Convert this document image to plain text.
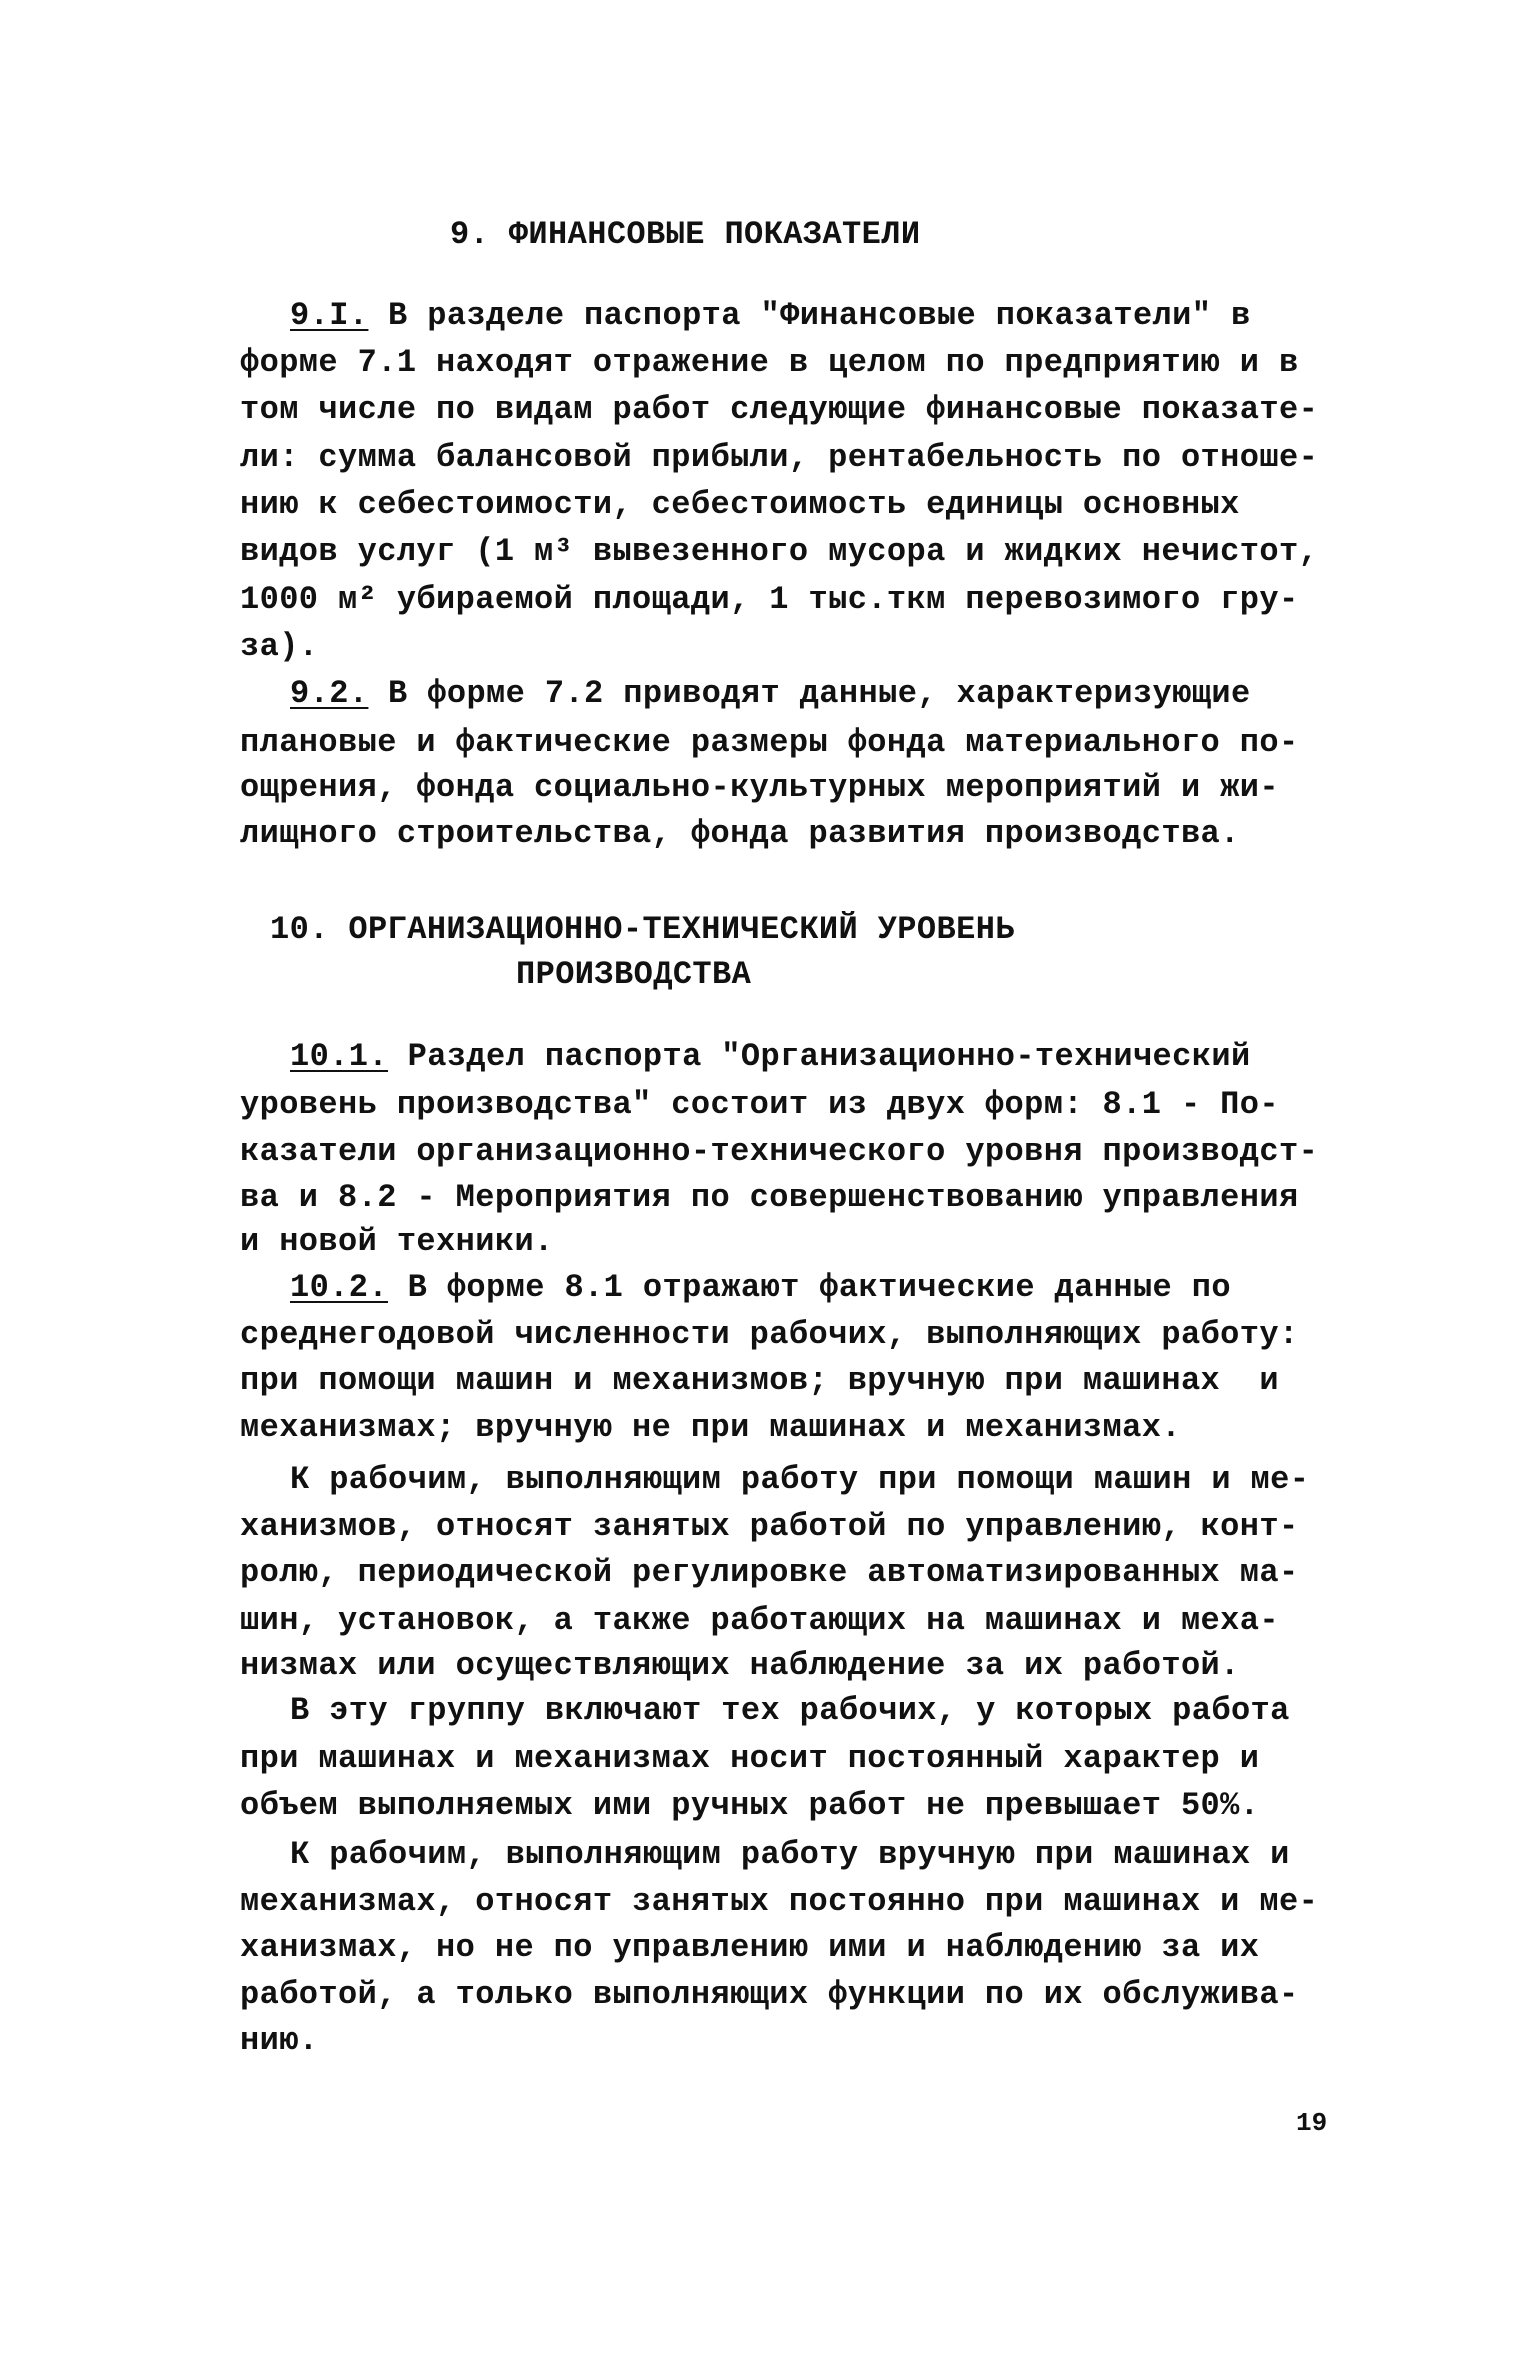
19
9. ФИНАНСОВЫЕ ПОКАЗАТЕЛИ
9.I. В разделе паспорта "Финансовые показатели" в
форме 7.1 находят отражение в целом по предприятию и в
том числе по видам работ следующие финансовые показате-
ли: сумма балансовой прибыли, рентабельность по отноше-
нию к себестоимости, себестоимость единицы основных
видов услуг (1 м³ вывезенного мусора и жидких нечистот,
1000 м² убираемой площади, 1 тыс.ткм перевозимого гру-
за).
9.2. В форме 7.2 приводят данные, характеризующие
плановые и фактические размеры фонда материального по-
ощрения, фонда социально-культурных мероприятий и жи-
лищного строительства, фонда развития производства.
10. ОРГАНИЗАЦИОННО-ТЕХНИЧЕСКИЙ УРОВЕНЬ
ПРОИЗВОДСТВА
10.1. Раздел паспорта "Организационно-технический
уровень производства" состоит из двух форм: 8.1 - По-
казатели организационно-технического уровня производст-
ва и 8.2 - Мероприятия по совершенствованию управления
и новой техники.
10.2. В форме 8.1 отражают фактические данные по
среднегодовой численности рабочих, выполняющих работу:
при помощи машин и механизмов; вручную при машинах  и
механизмах; вручную не при машинах и механизмах.
К рабочим, выполняющим работу при помощи машин и ме-
ханизмов, относят занятых работой по управлению, конт-
ролю, периодической регулировке автоматизированных ма-
шин, установок, а также работающих на машинах и меха-
низмах или осуществляющих наблюдение за их работой.
В эту группу включают тех рабочих, у которых работа
при машинах и механизмах носит постоянный характер и
объем выполняемых ими ручных работ не превышает 50%.
К рабочим, выполняющим работу вручную при машинах и
механизмах, относят занятых постоянно при машинах и ме-
ханизмах, но не по управлению ими и наблюдению за их
работой, а только выполняющих функции по их обслужива-
нию.
